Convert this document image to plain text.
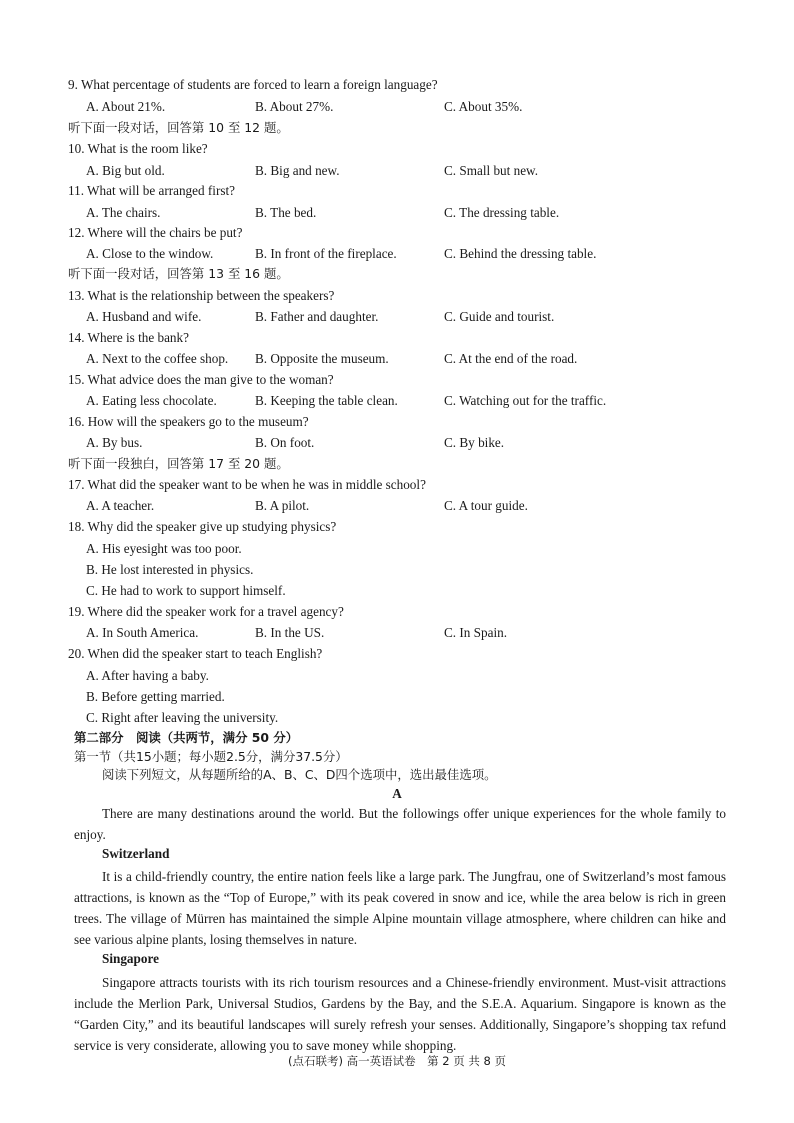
9. What percentage of students are forced to learn a foreign language?
A. About 21%.	B. About 27%.	C. About 35%.
听下面一段对话，回答第 10 至 12 题。
10. What is the room like?
A. Big but old.	B. Big and new.	C. Small but new.
11. What will be arranged first?
A. The chairs.	B. The bed.	C. The dressing table.
12. Where will the chairs be put?
A. Close to the window.	B. In front of the fireplace.	C. Behind the dressing table.
听下面一段对话，回答第 13 至 16 题。
13. What is the relationship between the speakers?
A. Husband and wife.	B. Father and daughter.	C. Guide and tourist.
14. Where is the bank?
A. Next to the coffee shop. B. Opposite the museum.	C. At the end of the road.
15. What advice does the man give to the woman?
A. Eating less chocolate.	B. Keeping the table clean.	C. Watching out for the traffic.
16. How will the speakers go to the museum?
A. By bus.	B. On foot.	C. By bike.
听下面一段独白，回答第 17 至 20 题。
17. What did the speaker want to be when he was in middle school?
A. A teacher.	B. A pilot.	C. A tour guide.
18. Why did the speaker give up studying physics?
A. His eyesight was too poor.
B. He lost interested in physics.
C. He had to work to support himself.
19. Where did the speaker work for a travel agency?
A. In South America.	B. In the US.	C. In Spain.
20. When did the speaker start to teach English?
A. After having a baby.
B. Before getting married.
C. Right after leaving the university.
第二部分　阅读（共两节，满分 50 分）
第一节（共15小题；每小题2.5分，满分37.5分）
阅读下列短文，从每题所给的A、B、C、D四个选项中，选出最佳选项。
A
There are many destinations around the world. But the followings offer unique experiences for the whole family to enjoy.
Switzerland
It is a child-friendly country, the entire nation feels like a large park. The Jungfrau, one of Switzerland’s most famous attractions, is known as the “Top of Europe,” with its peak covered in snow and ice, while the area below is rich in green trees. The village of Mürren has maintained the simple Alpine mountain village atmosphere, where children can hike and see various alpine plants, losing themselves in nature.
Singapore
Singapore attracts tourists with its rich tourism resources and a Chinese-friendly environment. Must-visit attractions include the Merlion Park, Universal Studios, Gardens by the Bay, and the S.E.A. Aquarium. Singapore is known as the “Garden City,” and its beautiful landscapes will surely refresh your senses. Additionally, Singapore’s shopping tax refund service is very considerate, allowing you to save money while shopping.
(点石联考) 高一英语试卷　第 2 页 共 8 页
